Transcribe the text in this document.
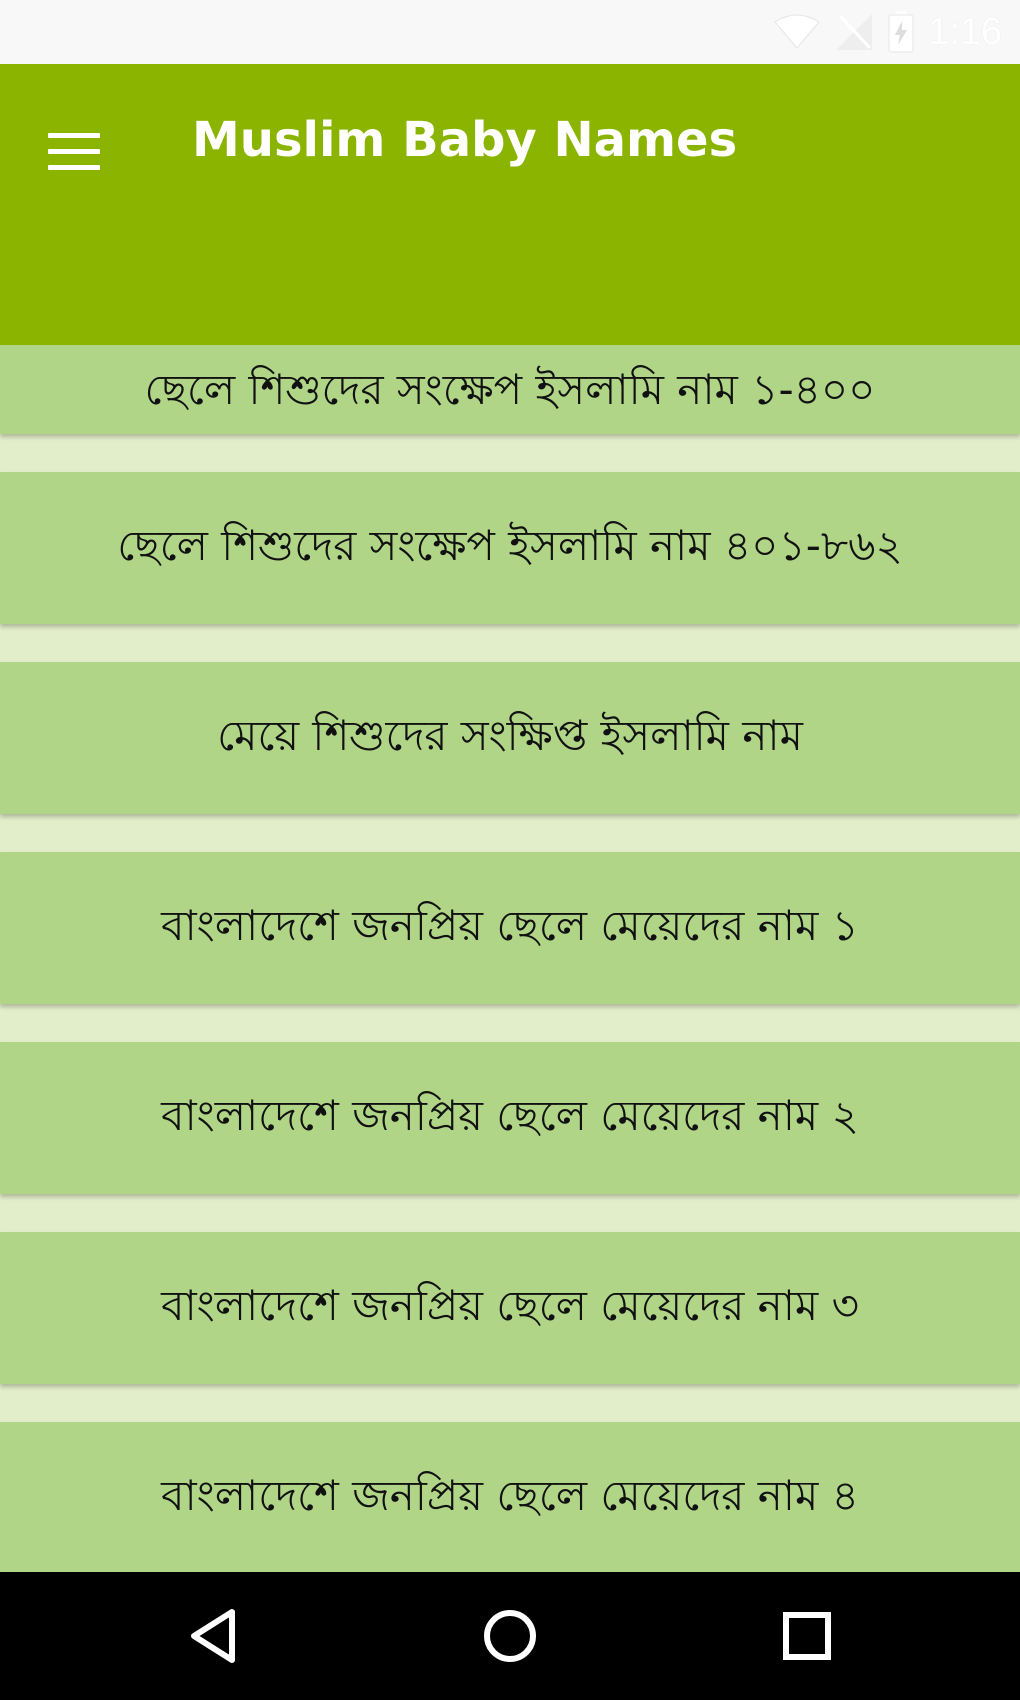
ছেলে শিশুদের সংক্ষেপ ইসলামি নাম ১-৪০০
ছেলে শিশুদের সংক্ষেপ ইসলামি নাম ৪০১-৮৬২
মেয়ে শিশুদের সংক্ষিপ্ত ইসলামি নাম
বাংলাদেশে জনপ্রিয় ছেলে মেয়েদের নাম ১
বাংলাদেশে জনপ্রিয় ছেলে মেয়েদের নাম ২
বাংলাদেশে জনপ্রিয় ছেলে মেয়েদের নাম ৩
বাংলাদেশে জনপ্রিয় ছেলে মেয়েদের নাম ৪
1:16
Muslim Baby Names
